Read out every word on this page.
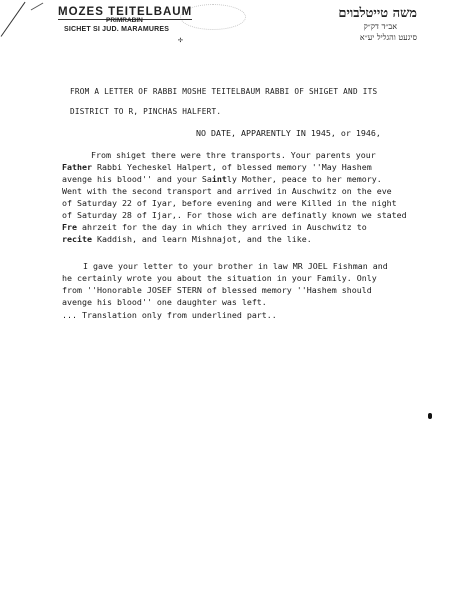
MOZES TEITELBAUM
PRIMRABIN
SICHET SI JUD. MARAMURES
✢
משה טייטלבוים
אב״ד דק״ק
סיגעט והגליל יע״א
FROM A LETTER OF RABBI MOSHE TEITELBAUM RABBI OF SHIGET AND ITS
DISTRICT TO R, PINCHAS HALFERT.
NO DATE, APPARENTLY IN 1945, or 1946,
From shiget there were thre transports. Your parents your
Father Rabbi Yecheskel Halpert, of blessed memory ''May Hashem
avenge his blood'' and your Saintly Mother, peace to her memory.
Went with the second transport and arrived in Auschwitz on the eve
of Saturday 22 of Iyar, before evening and were Killed in the night
of Saturday 28 of Ijar,. For those wich are definatly known we stated
Fre ahrzeit for the day in which they arrived in Auschwitz to
recite Kaddish, and learn Mishnajot, and the like.
I gave your letter to your brother in law MR JOEL Fishman and
he certainly wrote you about the situation in your Family. Only
from ''Honorable JOSEF STERN of blessed memory ''Hashem should
avenge his blood'' one daughter was left.
... Translation only from underlined part..
